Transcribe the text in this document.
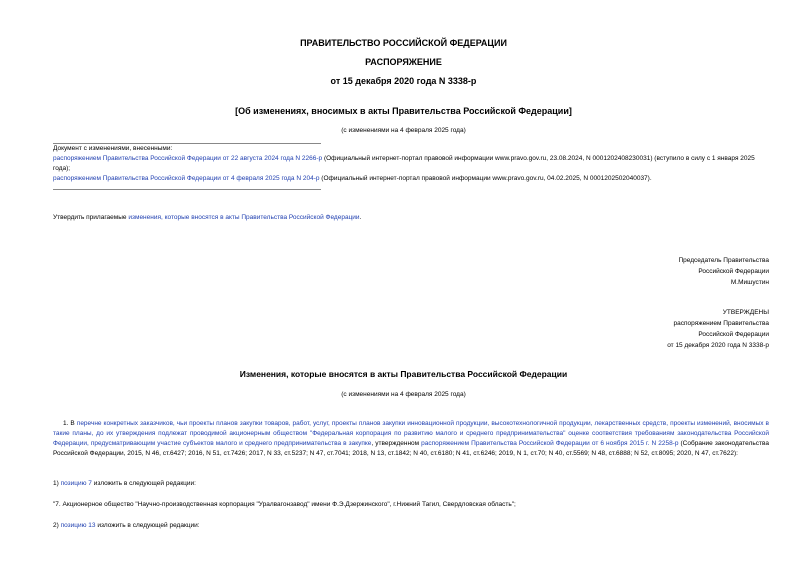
ПРАВИТЕЛЬСТВО РОССИЙСКОЙ ФЕДЕРАЦИИ
РАСПОРЯЖЕНИЕ
от 15 декабря 2020 года N 3338-р
[Об изменениях, вносимых в акты Правительства Российской Федерации]
(с изменениями на 4 февраля 2025 года)
Документ с изменениями, внесенными:
распоряжением Правительства Российской Федерации от 22 августа 2024 года N 2266-р (Официальный интернет-портал правовой информации www.pravo.gov.ru, 23.08.2024, N 0001202408230031) (вступило в силу с 1 января 2025 года);
распоряжением Правительства Российской Федерации от 4 февраля 2025 года N 204-р (Официальный интернет-портал правовой информации www.pravo.gov.ru, 04.02.2025, N 0001202502040037).
Утвердить прилагаемые изменения, которые вносятся в акты Правительства Российской Федерации.
Председатель Правительства
Российской Федерации
М.Мишустин
УТВЕРЖДЕНЫ
распоряжением Правительства
Российской Федерации
от 15 декабря 2020 года N 3338-р
Изменения, которые вносятся в акты Правительства Российской Федерации
(с изменениями на 4 февраля 2025 года)
1. В перечне конкретных заказчиков, чьи проекты планов закупки товаров, работ, услуг, проекты планов закупки инновационной продукции, высокотехнологичной продукции, лекарственных средств, проекты изменений, вносимых в такие планы, до их утверждения подлежат проводимой акционерным обществом "Федеральная корпорация по развитию малого и среднего предпринимательства" оценке соответствия требованиям законодательства Российской Федерации, предусматривающим участие субъектов малого и среднего предпринимательства в закупке, утвержденном распоряжением Правительства Российской Федерации от 6 ноября 2015 г. N 2258-р (Собрание законодательства Российской Федерации, 2015, N 46, ст.6427; 2016, N 51, ст.7426; 2017, N 33, ст.5237; N 47, ст.7041; 2018, N 13, ст.1842; N 40, ст.6180; N 41, ст.6246; 2019, N 1, ст.70; N 40, ст.5569; N 48, ст.6888; N 52, ст.8095; 2020, N 47, ст.7622):
1) позицию 7 изложить в следующей редакции:
"7. Акционерное общество "Научно-производственная корпорация "Уралвагонзавод" имени Ф.Э.Дзержинского", г.Нижний Тагил, Свердловская область";
2) позицию 13 изложить в следующей редакции:
